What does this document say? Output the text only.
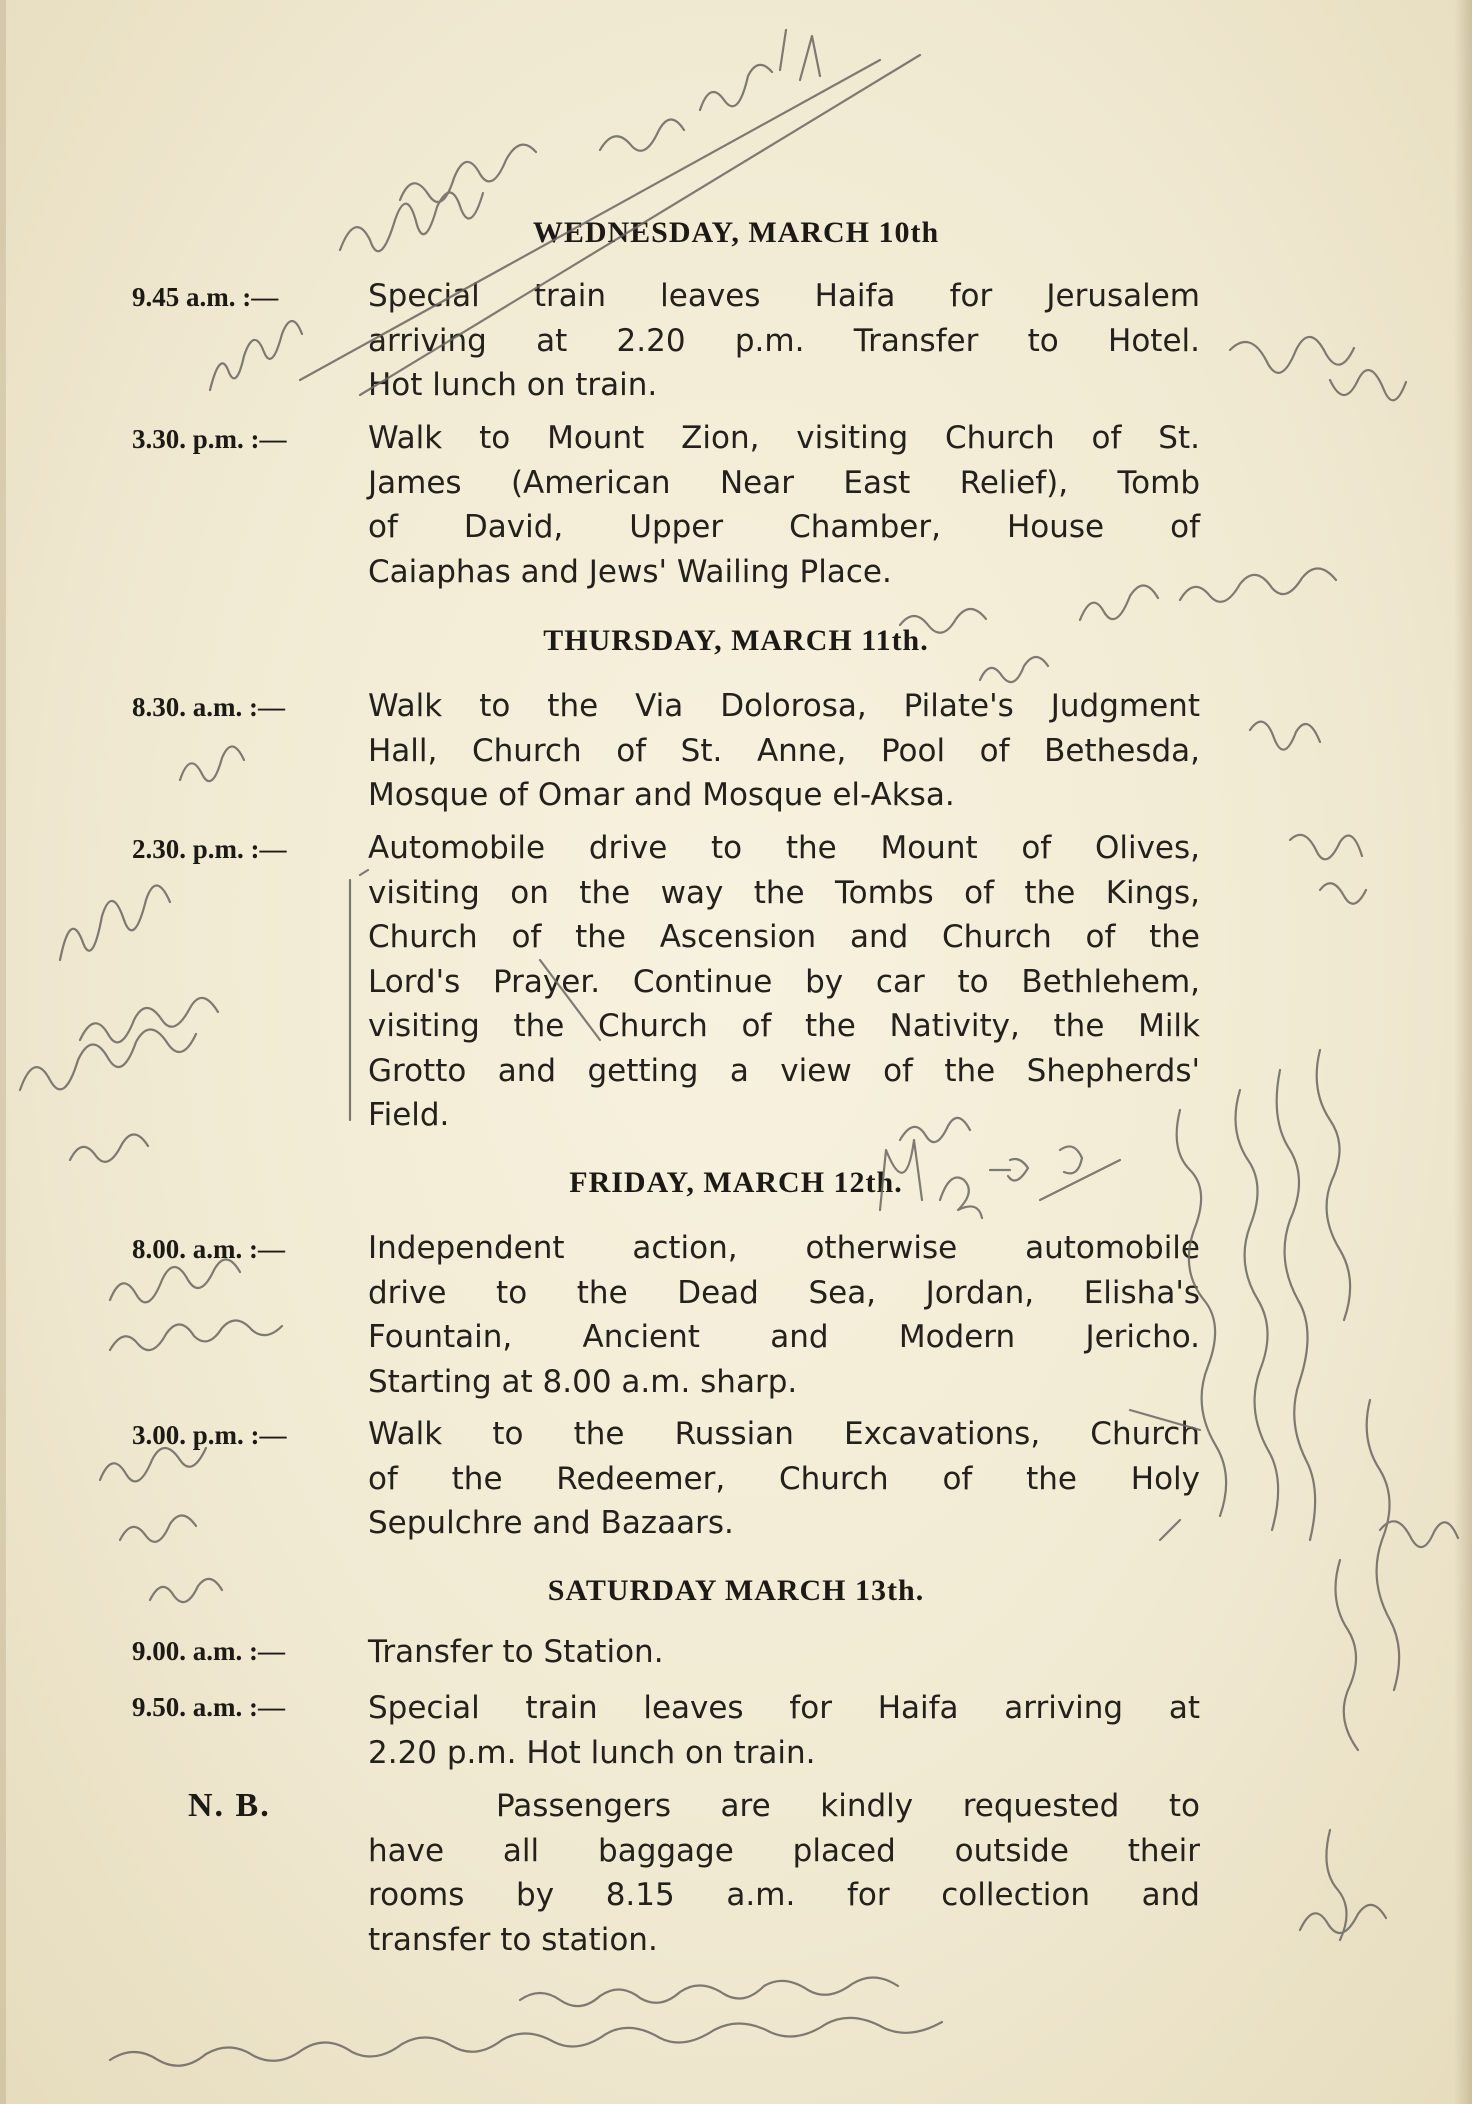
WEDNESDAY, MARCH 10th
9.45 a.m. :—	Special train leaves Haifa for Jerusalem
arriving at 2.20 p.m. Transfer to Hotel.
Hot lunch on train.
3.30. p.m. :—	Walk to Mount Zion, visiting Church of St.
James (American Near East Relief), Tomb
of David, Upper Chamber, House of
Caiaphas and Jews' Wailing Place.
THURSDAY, MARCH 11th.
8.30. a.m. :—	Walk to the Via Dolorosa, Pilate's Judgment
Hall, Church of St. Anne, Pool of Bethesda,
Mosque of Omar and Mosque el-Aksa.
2.30. p.m. :—	Automobile drive to the Mount of Olives,
visiting on the way the Tombs of the Kings,
Church of the Ascension and Church of the
Lord's Prayer. Continue by car to Bethlehem,
visiting the Church of the Nativity, the Milk
Grotto and getting a view of the Shepherds'
Field.
FRIDAY, MARCH 12th.
8.00. a.m. :—	Independent action, otherwise automobile
drive to the Dead Sea, Jordan, Elisha's
Fountain, Ancient and Modern Jericho.
Starting at 8.00 a.m. sharp.
3.00. p.m. :—	Walk to the Russian Excavations, Church
of the Redeemer, Church of the Holy
Sepulchre and Bazaars.
SATURDAY MARCH 13th.
9.00. a.m. :—	Transfer to Station.
9.50. a.m. :—	Special train leaves for Haifa arriving at
2.20 p.m. Hot lunch on train.
N. B.	Passengers are kindly requested to
have all baggage placed outside their
rooms by 8.15 a.m. for collection and
transfer to station.
